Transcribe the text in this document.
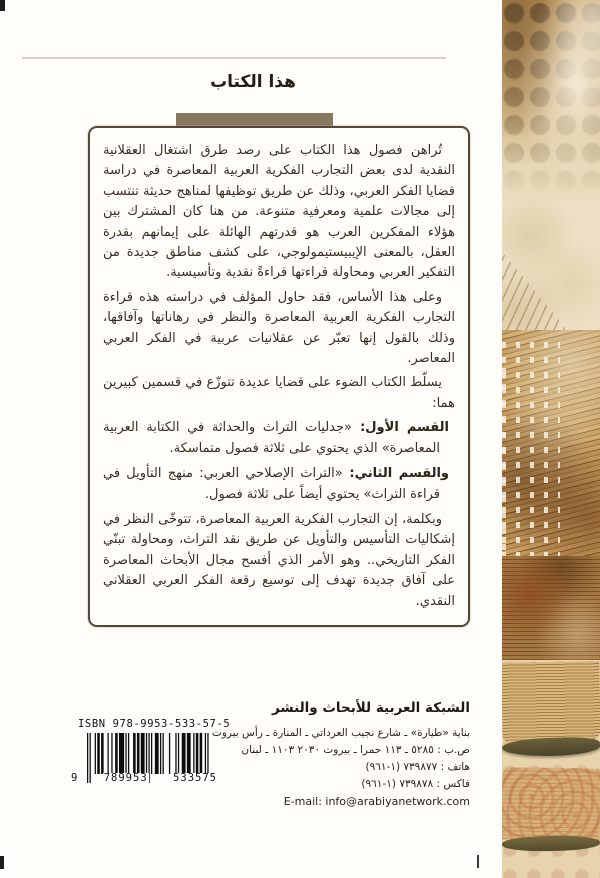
هذا الكتاب

تُراهن فصول هذا الكتاب على رصد طرق اشتغال العقلانية النقدية لدى بعض التجارب الفكرية العربية المعاصرة في دراسة قضايا الفكر العربي، وذلك عن طريق توظيفها لمناهج حديثة تنتسب إلى مجالات علمية ومعرفية متنوعة. من هنا كان المشترك بين هؤلاء المفكرين العرب هو قدرتهم الهائلة على إيمانهم بقدرة العقل، بالمعنى الإيبيستيمولوجي، على كشف مناطق جديدة من التفكير العربي ومحاولة قراءتها قراءةً نقدية وتأسيسية.

وعلى هذا الأساس، فقد حاول المؤلف في دراسته هذه قراءة التجارب الفكرية العربية المعاصرة والنظر في رهاناتها وآفاقها، وذلك بالقول إنها تعبّر عن عقلانيات عربية في الفكر العربي المعاصر.

يسلّط الكتاب الضوء على قضايا عديدة تتوزّع في قسمين كبيرين هما:

القسم الأول: «جدليات التراث والحداثة في الكتابة العربية المعاصرة» الذي يحتوي على ثلاثة فصول متماسكة.

والقسم الثاني: «التراث الإصلاحي العربي: منهج التأويل في قراءة التراث» يحتوي أيضاً على ثلاثة فصول.

وبكلمة، إن التجارب الفكرية العربية المعاصرة، تتوخّى النظر في إشكاليات التأسيس والتأويل عن طريق نقد التراث، ومحاولة تبنّي الفكر التاريخي.. وهو الأمر الذي أفسح مجال الأبحاث المعاصرة على آفاق جديدة تهدف إلى توسيع رقعة الفكر العربي العقلاني النقدي.

ISBN 978-9953-533-57-5
9 789953 533575
الشبكة العربية للأبحاث والنشر
بناية «طيارة» ـ شارع نجيب العرداتي ـ المنارة ـ رأس بيروت
ص.ب : ٥٢٨٥ ـ ١١٣ حمرا ـ بيروت ٢٠٣٠ ١١٠٣ ـ لبنان
هاتف : ٧٣٩٨٧٧ (١-٩٦١)
فاكس : ٧٣٩٨٧٨ (١-٩٦١)
E-mail: info@arabiyanetwork.com
